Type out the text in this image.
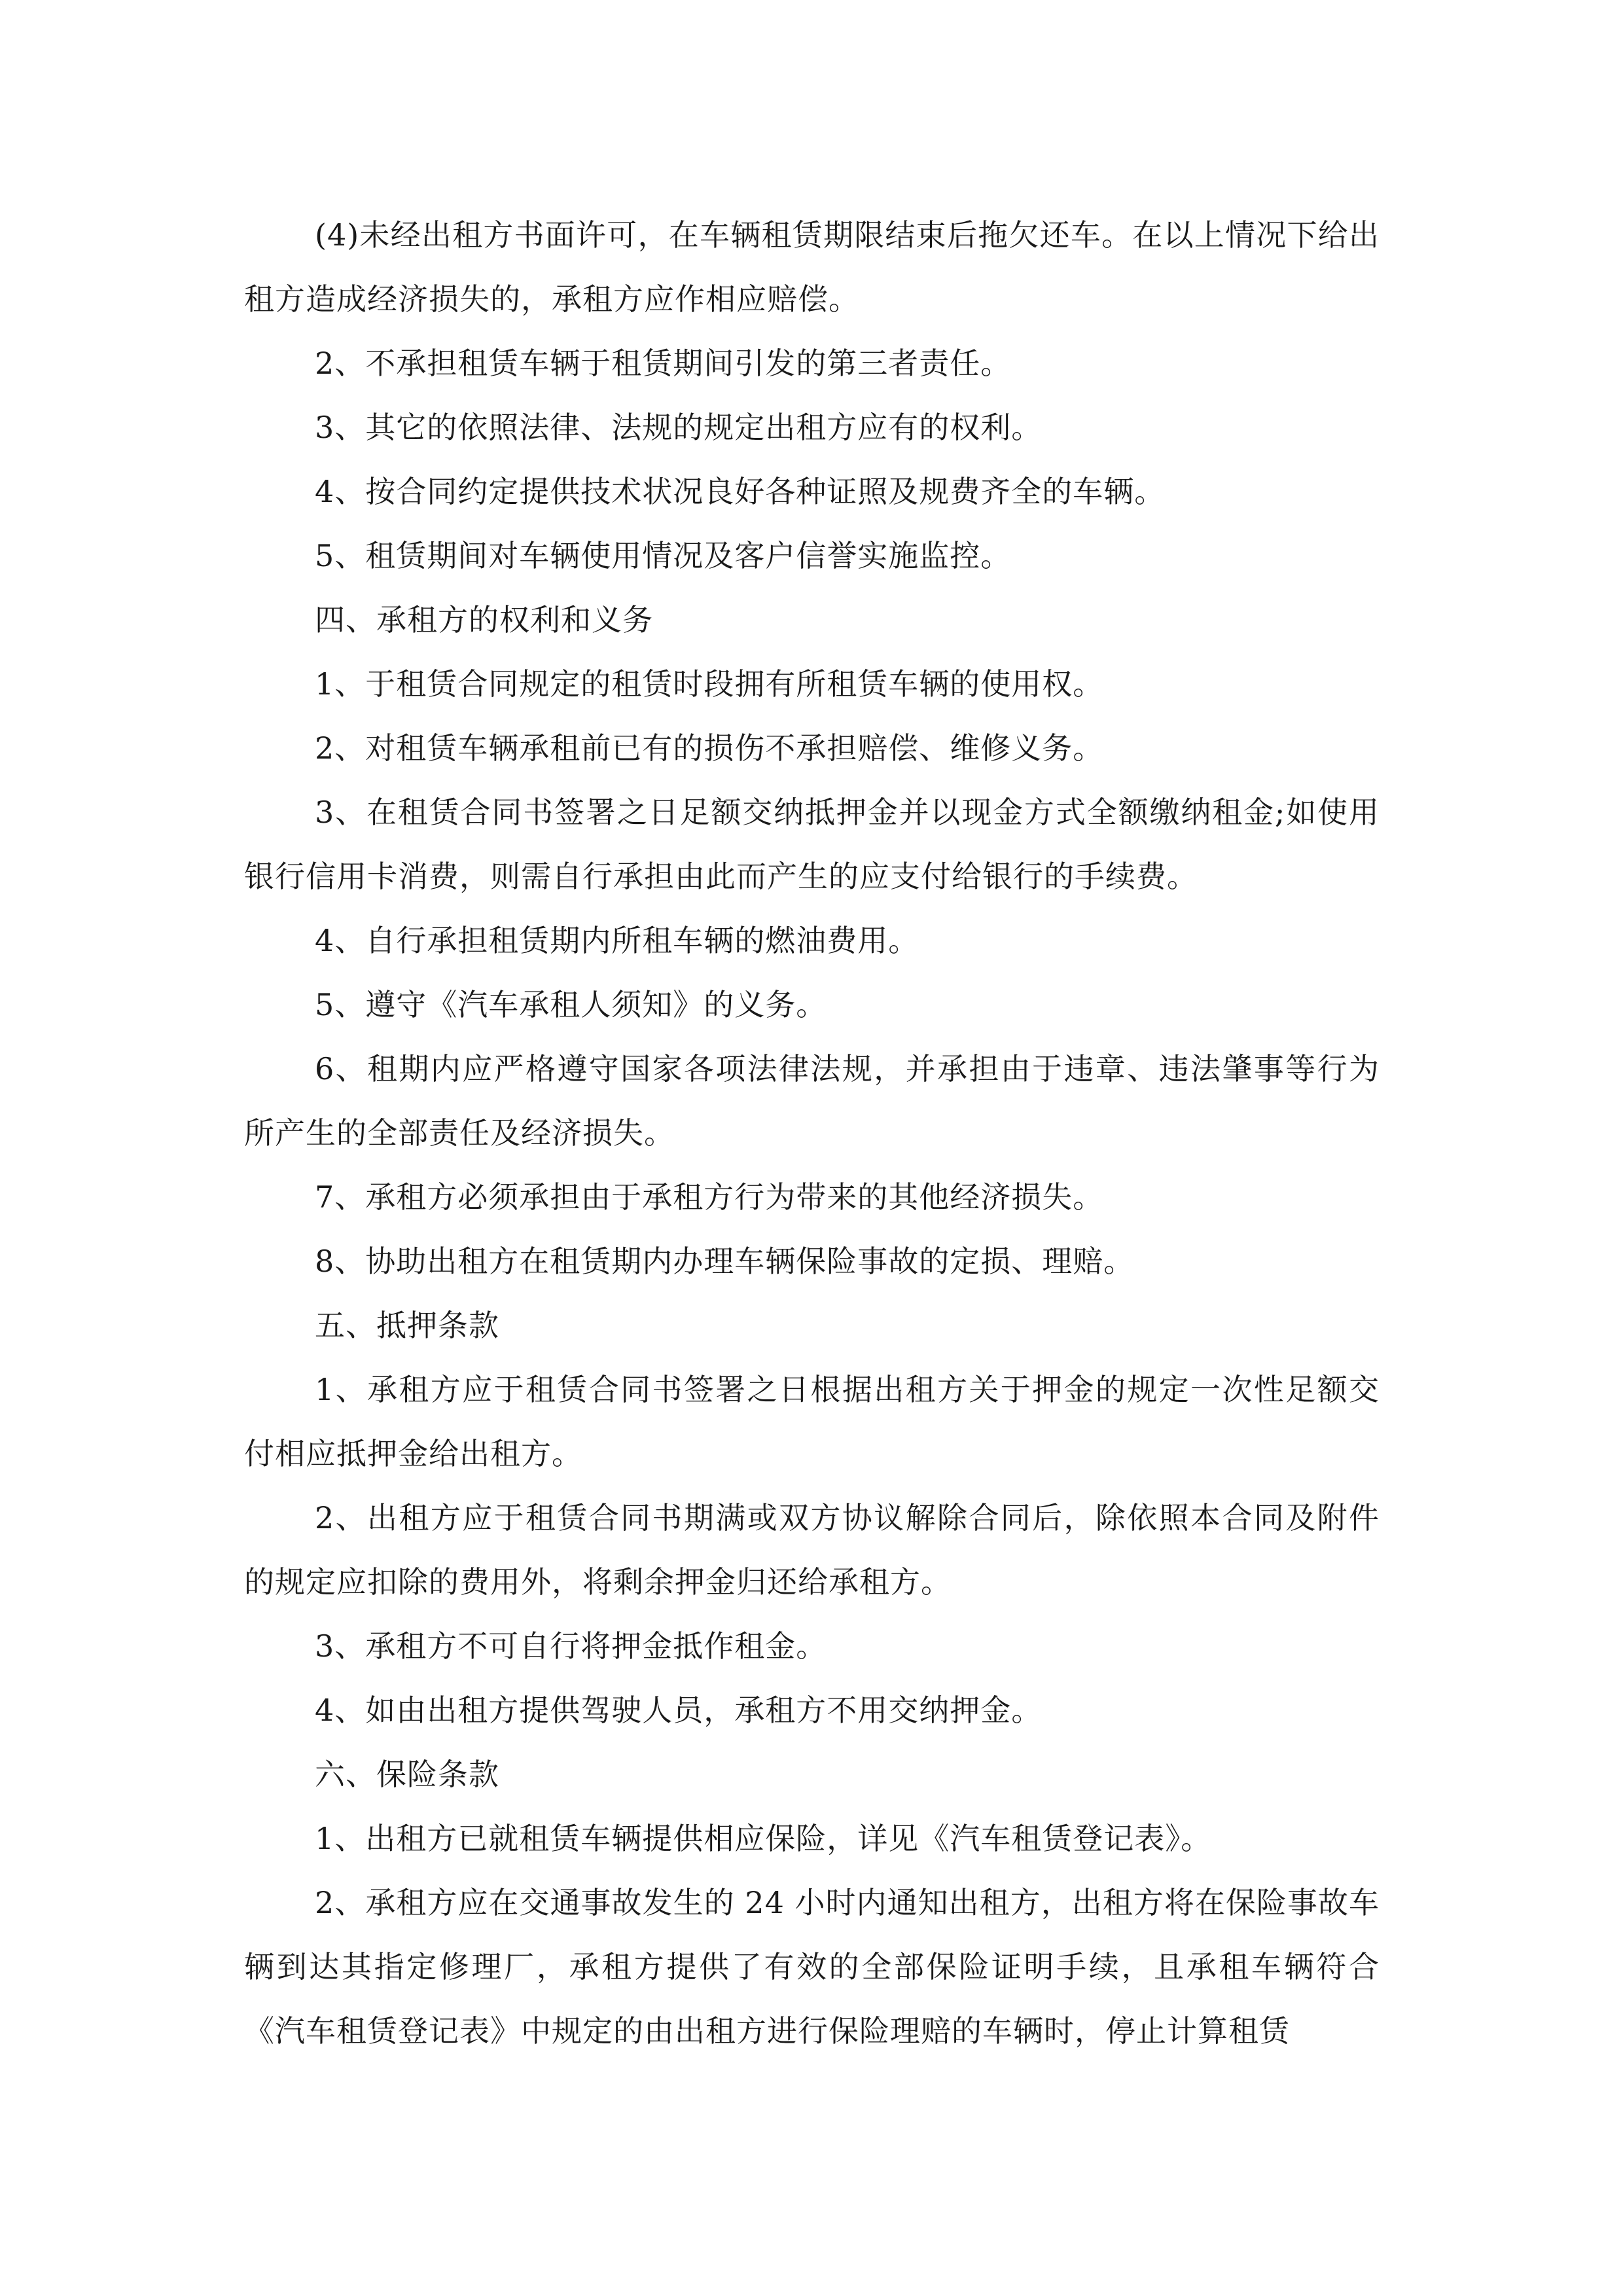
(4)未经出租方书面许可，在车辆租赁期限结束后拖欠还车。在以上情况下给出租方造成经济损失的，承租方应作相应赔偿。

2、不承担租赁车辆于租赁期间引发的第三者责任。

3、其它的依照法律、法规的规定出租方应有的权利。

4、按合同约定提供技术状况良好各种证照及规费齐全的车辆。

5、租赁期间对车辆使用情况及客户信誉实施监控。

四、承租方的权利和义务

1、于租赁合同规定的租赁时段拥有所租赁车辆的使用权。

2、对租赁车辆承租前已有的损伤不承担赔偿、维修义务。

3、在租赁合同书签署之日足额交纳抵押金并以现金方式全额缴纳租金;如使用银行信用卡消费，则需自行承担由此而产生的应支付给银行的手续费。

4、自行承担租赁期内所租车辆的燃油费用。

5、遵守《汽车承租人须知》的义务。

6、租期内应严格遵守国家各项法律法规，并承担由于违章、违法肇事等行为所产生的全部责任及经济损失。

7、承租方必须承担由于承租方行为带来的其他经济损失。

8、协助出租方在租赁期内办理车辆保险事故的定损、理赔。

五、抵押条款

1、承租方应于租赁合同书签署之日根据出租方关于押金的规定一次性足额交付相应抵押金给出租方。

2、出租方应于租赁合同书期满或双方协议解除合同后，除依照本合同及附件的规定应扣除的费用外，将剩余押金归还给承租方。

3、承租方不可自行将押金抵作租金。

4、如由出租方提供驾驶人员，承租方不用交纳押金。

六、保险条款

1、出租方已就租赁车辆提供相应保险，详见《汽车租赁登记表》。

2、承租方应在交通事故发生的 24 小时内通知出租方，出租方将在保险事故车辆到达其指定修理厂，承租方提供了有效的全部保险证明手续，且承租车辆符合《汽车租赁登记表》中规定的由出租方进行保险理赔的车辆时，停止计算租赁
